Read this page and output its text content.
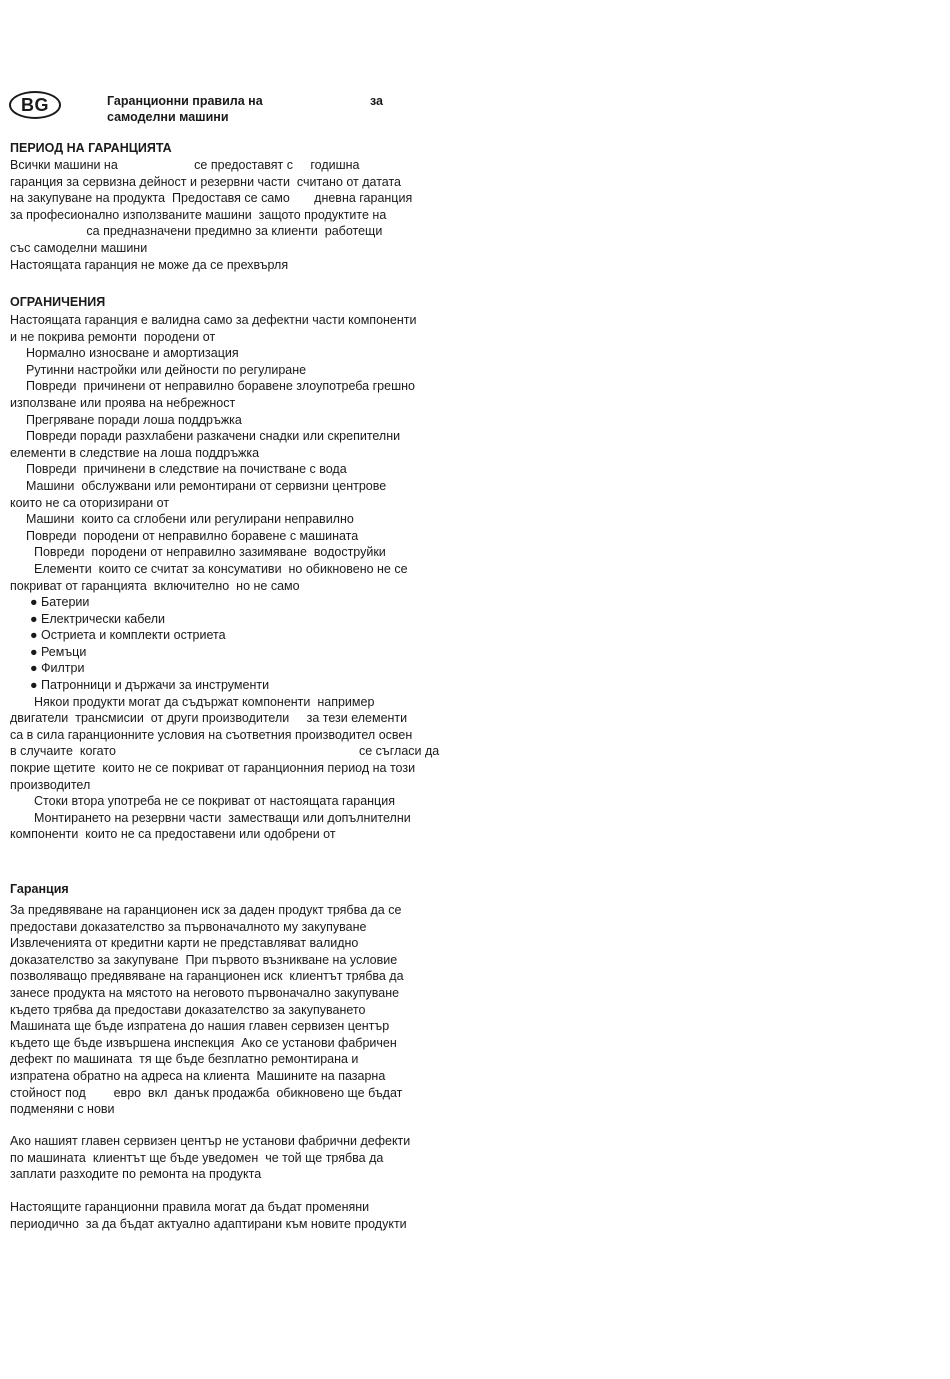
BG	Гаранционни правила на	за
самоделни машини
ПЕРИОД НА ГАРАНЦИЯТА
Всички машини на                      се предоставят с     годишна
гаранция за сервизна дейност и резервни части  считано от датата
на закупуване на продукта  Предоставя се само       дневна гаранция
за професионално използваните машини  защото продуктите на
са предназначени предимно за клиенти  работещи
със самоделни машини
Настоящата гаранция не може да се прехвърля
ОГРАНИЧЕНИЯ
Настоящата гаранция е валидна само за дефектни части компоненти
и не покрива ремонти  породени от
Нормално износване и амортизация
Рутинни настройки или дейности по регулиране
Повреди  причинени от неправилно боравене злоупотреба грешно
използване или проява на небрежност
Прегряване поради лоша поддръжка
Повреди поради разхлабени разкачени снадки или скрепителни
елементи в следствие на лоша поддръжка
Повреди  причинени в следствие на почистване с вода
Машини  обслужвани или ремонтирани от сервизни центрове
които не са оторизирани от
Машини  които са сглобени или регулирани неправилно
Повреди  породени от неправилно боравене с машината
Повреди  породени от неправилно зазимяване  водоструйки
Елементи  които се считат за консумативи  но обикновено не се
покриват от гаранцията  включително  но не само
● Батерии
● Електрически кабели
● Остриета и комплекти остриета
● Ремъци
● Филтри
● Патронници и държачи за инструменти
Някои продукти могат да съдържат компоненти  например
двигатели  трансмисии  от други производители     за тези елементи
са в сила гаранционните условия на съответния производител освен
в случаите  когато                                                                      се съгласи да
покрие щетите  които не се покриват от гаранционния период на този
производител
Стоки втора употреба не се покриват от настоящата гаранция
Монтирането на резервни части  заместващи или допълнителни
компоненти  които не са предоставени или одобрени от
Гаранция
За предявяване на гаранционен иск за даден продукт трябва да се
предостави доказателство за първоначалното му закупуване
Извлеченията от кредитни карти не представляват валидно
доказателство за закупуване  При първото възникване на условие
позволяващо предявяване на гаранционен иск  клиентът трябва да
занесе продукта на мястото на неговото първоначално закупуване
където трябва да предостави доказателство за закупуването
Машината ще бъде изпратена до нашия главен сервизен център
където ще бъде извършена инспекция  Ако се установи фабричен
дефект по машината  тя ще бъде безплатно ремонтирана и
изпратена обратно на адреса на клиента  Машините на пазарна
стойност под        евро  вкл  данък продажба  обикновено ще бъдат
подменяни с нови
Ако нашият главен сервизен център не установи фабрични дефекти
по машината  клиентът ще бъде уведомен  че той ще трябва да
заплати разходите по ремонта на продукта
Настоящите гаранционни правила могат да бъдат променяни
периодично  за да бъдат актуално адаптирани към новите продукти
